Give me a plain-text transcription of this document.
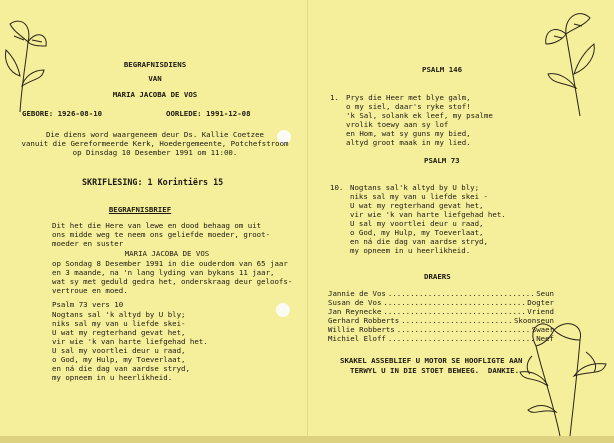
BEGRAFNISDIENS
VAN
MARIA JACOBA DE VOS
GEBORE: 1926-08-10	OORLEDE: 1991-12-08
Die diens word waargeneem deur Ds. Kallie Coetzee
vanuit die Gereformeerde Kerk, Hoedergemeente, Potchefstroom
op Dinsdag 10 Desember 1991 om 11:00.
SKRIFLESING: 1 Korintiërs 15
BEGRAFNISBRIEF
Dit het die Here van lewe en dood behaag om uit
ons midde weg te neem ons geliefde moeder, groot-
moeder en suster
MARIA JACOBA DE VOS
op Sondag 8 Desember 1991 in die ouderdom van 65 jaar
en 3 maande, na 'n lang lyding van bykans 11 jaar,
wat sy met geduld gedra het, onderskraag deur geloofs-
vertroue en moed.
Psalm 73 vers 10
Nogtans sal 'k altyd by U bly;
niks sal my van u liefde skei-
U wat my regterhand gevat het,
vir wie 'k van harte liefgehad het.
U sal my voortlei deur u raad,
o God, my Hulp, my Toeverlaat,
en ná die dag van aardse stryd,
my opneem in u heerlikheid.
PSALM 146
1. Prys die Heer met blye galm,
o my siel, daar's ryke stof!
'k Sal, solank ek leef, my psalme
vrolik toewy aan sy lof
en Hom, wat sy guns my bied,
altyd groot maak in my lied.
PSALM 73
10. Nogtans sal'k altyd by U bly;
niks sal my van u liefde skei -
U wat my regterhand gevat het,
vir wie 'k van harte liefgehad het.
U sal my voortlei deur u raad,
o God, my Hulp, my Toeverlaat,
en ná die dag van aardse stryd,
my opneem in u heerlikheid.
DRAERS
Jannie de Vos .....	Seun
Susan de Vos .....	Dogter
Jan Reynecke .....	Vriend
Gerhard Robberts .....	Skoonseun
Willie Robberts .....	Swaer
Michiel Eloff .....	Neef
SKAKEL ASSEBLIEF U MOTOR SE HOOFLIGTE AAN
TERWYL U IN DIE STOET BEWEEG.  DANKIE.
